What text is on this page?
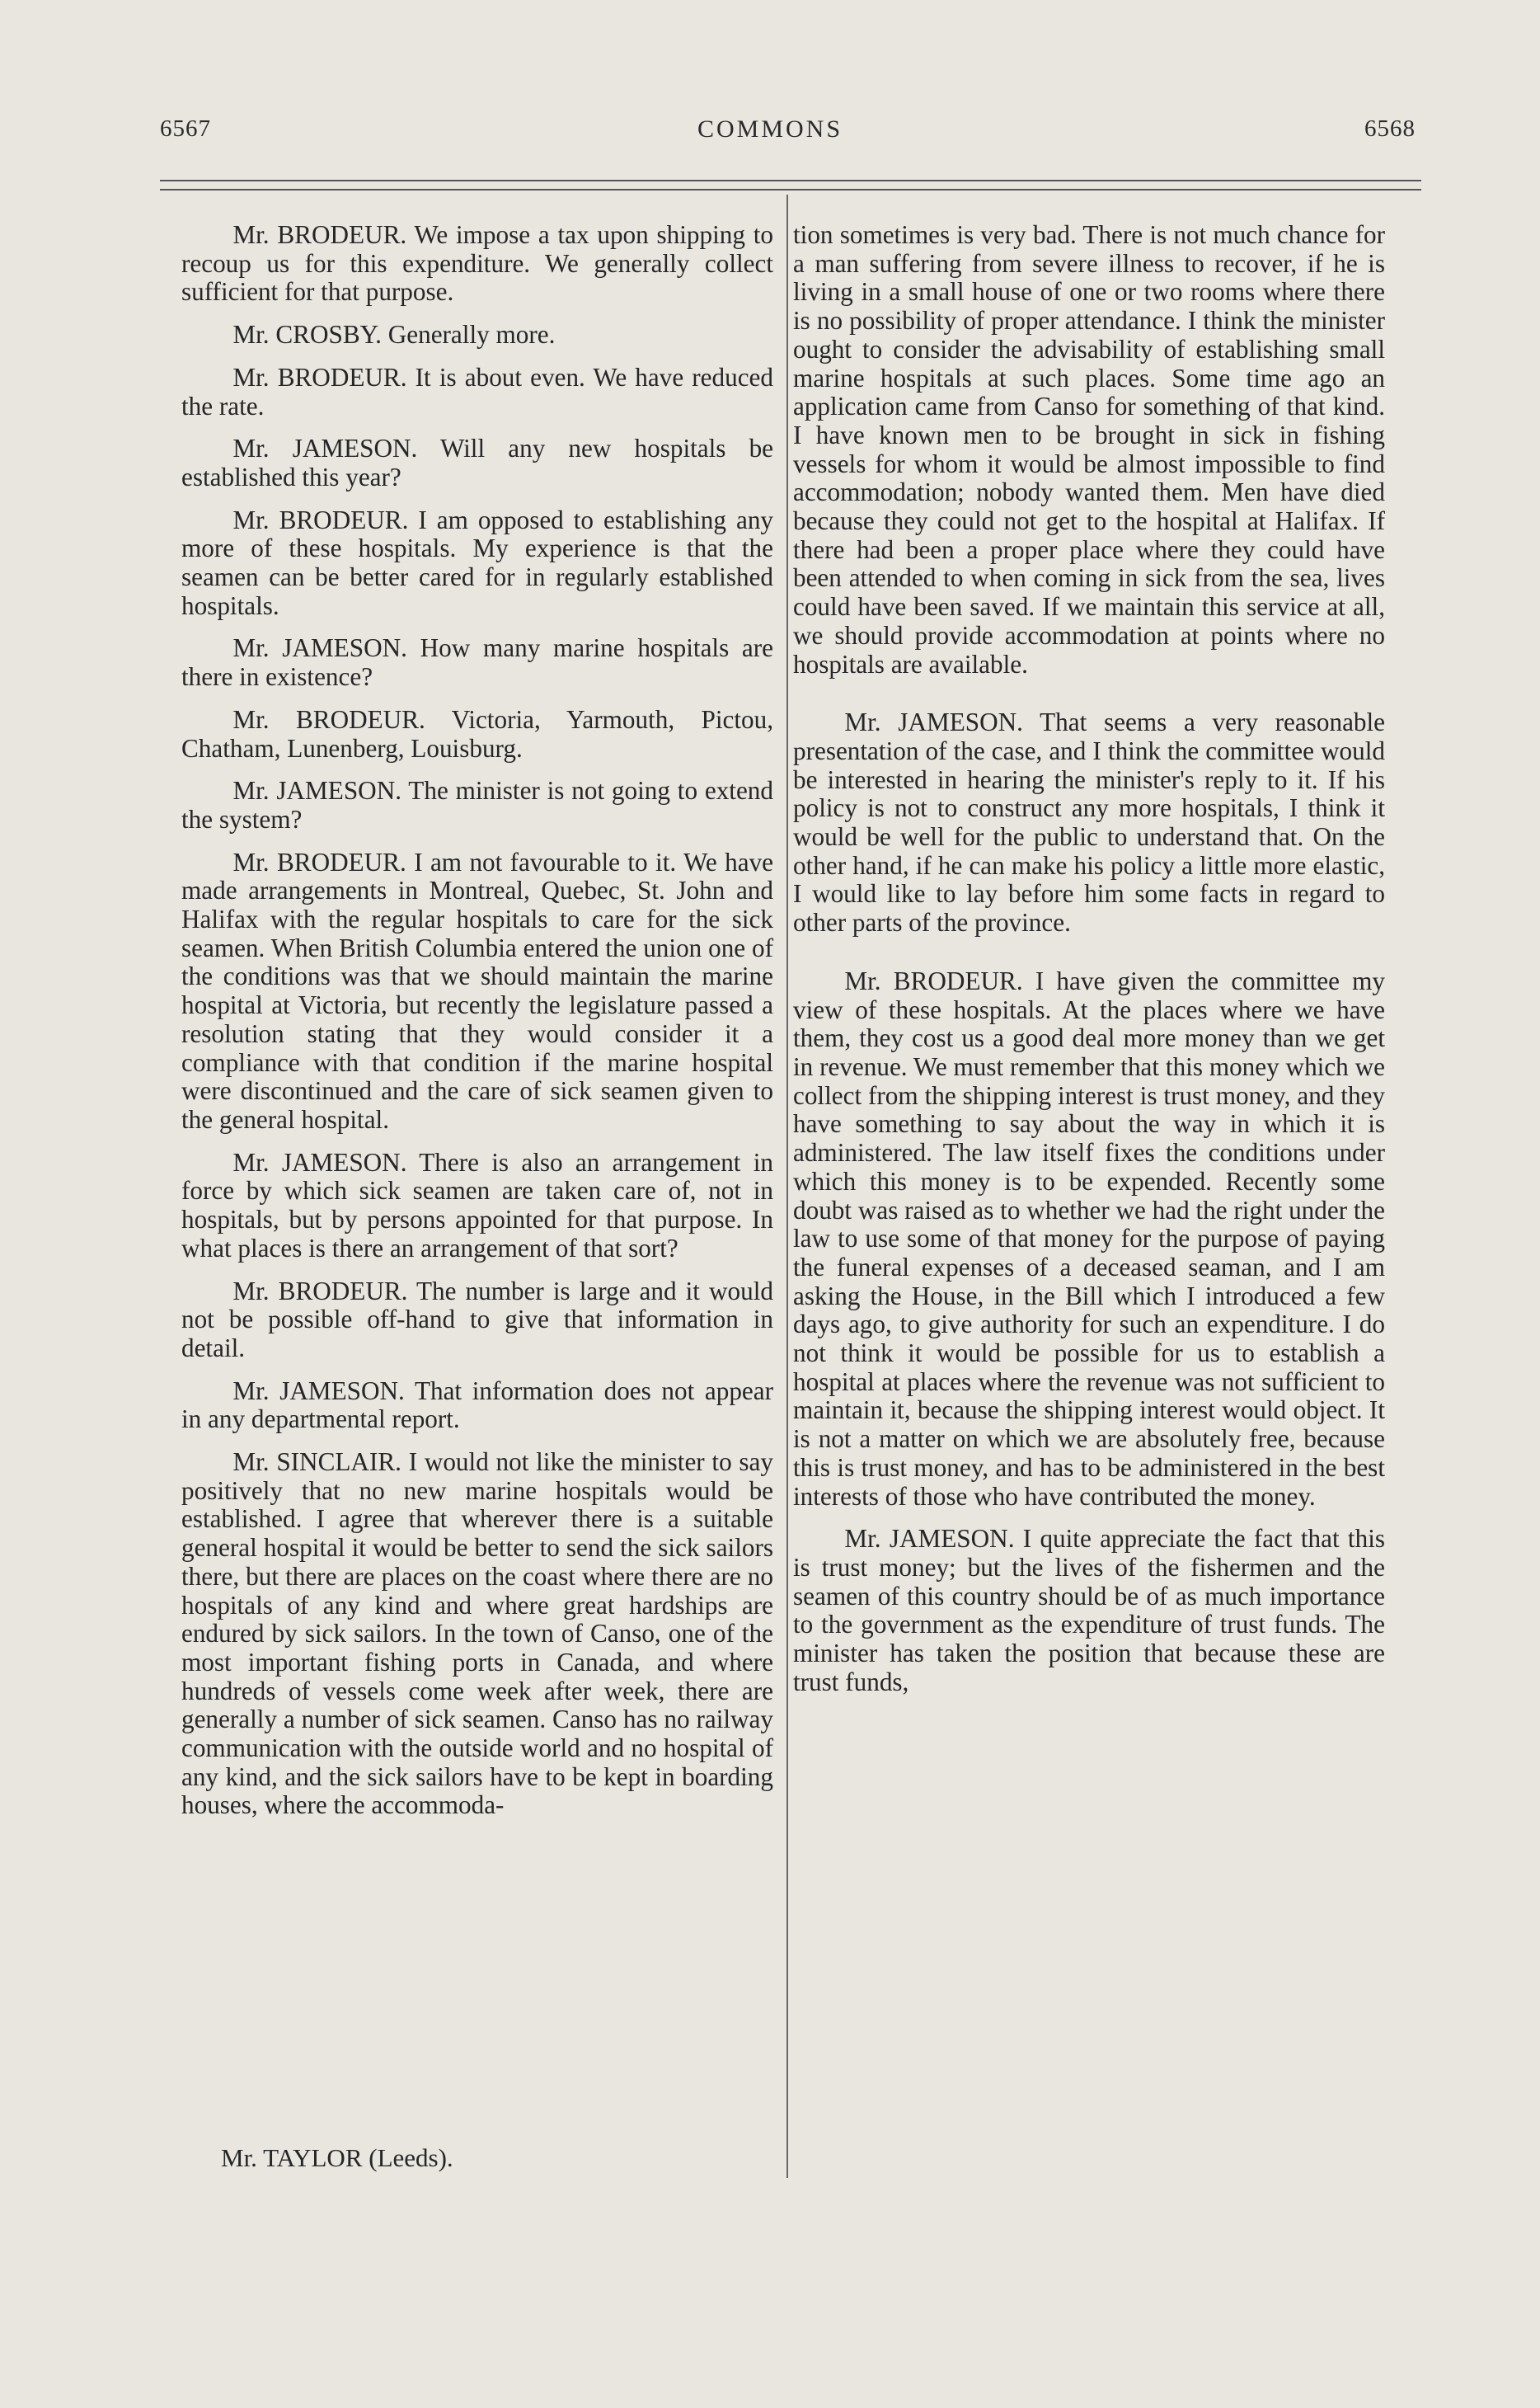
6567	COMMONS	6568

Mr. BRODEUR. We impose a tax upon shipping to recoup us for this expenditure. We generally collect sufficient for that purpose.

Mr. CROSBY. Generally more.

Mr. BRODEUR. It is about even. We have reduced the rate.

Mr. JAMESON. Will any new hospitals be established this year?

Mr. BRODEUR. I am opposed to establishing any more of these hospitals. My experience is that the seamen can be better cared for in regularly established hospitals.

Mr. JAMESON. How many marine hospitals are there in existence?

Mr. BRODEUR. Victoria, Yarmouth, Pictou, Chatham, Lunenberg, Louisburg.

Mr. JAMESON. The minister is not going to extend the system?

Mr. BRODEUR. I am not favourable to it. We have made arrangements in Montreal, Quebec, St. John and Halifax with the regular hospitals to care for the sick seamen. When British Columbia entered the union one of the conditions was that we should maintain the marine hospital at Victoria, but recently the legislature passed a resolution stating that they would consider it a compliance with that condition if the marine hospital were discontinued and the care of sick seamen given to the general hospital.

Mr. JAMESON. There is also an arrangement in force by which sick seamen are taken care of, not in hospitals, but by persons appointed for that purpose. In what places is there an arrangement of that sort?

Mr. BRODEUR. The number is large and it would not be possible off-hand to give that information in detail.

Mr. JAMESON. That information does not appear in any departmental report.

Mr. SINCLAIR. I would not like the minister to say positively that no new marine hospitals would be established. I agree that wherever there is a suitable general hospital it would be better to send the sick sailors there, but there are places on the coast where there are no hospitals of any kind and where great hardships are endured by sick sailors. In the town of Canso, one of the most important fishing ports in Canada, and where hundreds of vessels come week after week, there are generally a number of sick seamen. Canso has no railway communication with the outside world and no hospital of any kind, and the sick sailors have to be kept in boarding houses, where the accommoda-

tion sometimes is very bad. There is not much chance for a man suffering from severe illness to recover, if he is living in a small house of one or two rooms where there is no possibility of proper attendance. I think the minister ought to consider the advisability of establishing small marine hospitals at such places. Some time ago an application came from Canso for something of that kind. I have known men to be brought in sick in fishing vessels for whom it would be almost impossible to find accommodation; nobody wanted them. Men have died because they could not get to the hospital at Halifax. If there had been a proper place where they could have been attended to when coming in sick from the sea, lives could have been saved. If we maintain this service at all, we should provide accommodation at points where no hospitals are available.

Mr. JAMESON. That seems a very reasonable presentation of the case, and I think the committee would be interested in hearing the minister's reply to it. If his policy is not to construct any more hospitals, I think it would be well for the public to understand that. On the other hand, if he can make his policy a little more elastic, I would like to lay before him some facts in regard to other parts of the province.

Mr. BRODEUR. I have given the committee my view of these hospitals. At the places where we have them, they cost us a good deal more money than we get in revenue. We must remember that this money which we collect from the shipping interest is trust money, and they have something to say about the way in which it is administered. The law itself fixes the conditions under which this money is to be expended. Recently some doubt was raised as to whether we had the right under the law to use some of that money for the purpose of paying the funeral expenses of a deceased seaman, and I am asking the House, in the Bill which I introduced a few days ago, to give authority for such an expenditure. I do not think it would be possible for us to establish a hospital at places where the revenue was not sufficient to maintain it, because the shipping interest would object. It is not a matter on which we are absolutely free, because this is trust money, and has to be administered in the best interests of those who have contributed the money.

Mr. JAMESON. I quite appreciate the fact that this is trust money; but the lives of the fishermen and the seamen of this country should be of as much importance to the government as the expenditure of trust funds. The minister has taken the position that because these are trust funds,

Mr. TAYLOR (Leeds).
